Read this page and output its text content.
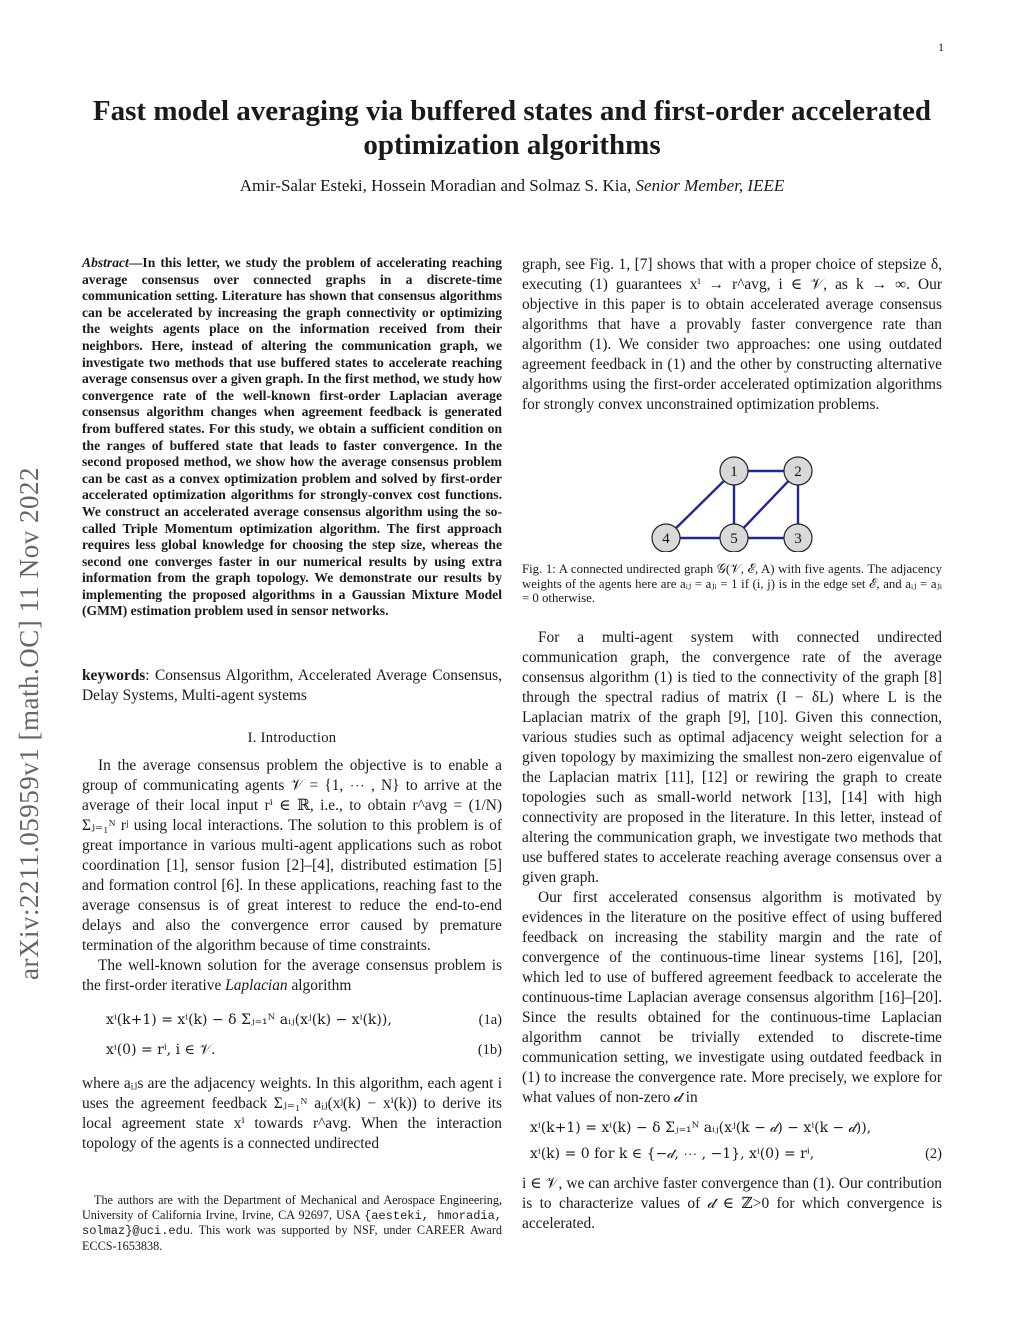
1
arXiv:2211.05959v1 [math.OC] 11 Nov 2022
Fast model averaging via buffered states and first-order accelerated optimization algorithms
Amir-Salar Esteki, Hossein Moradian and Solmaz S. Kia, Senior Member, IEEE

Abstract—In this letter, we study the problem of accelerating reaching average consensus over connected graphs in a discrete-time communication setting. Literature has shown that consensus algorithms can be accelerated by increasing the graph connectivity or optimizing the weights agents place on the information received from their neighbors. Here, instead of altering the communication graph, we investigate two methods that use buffered states to accelerate reaching average consensus over a given graph. In the first method, we study how convergence rate of the well-known first-order Laplacian average consensus algorithm changes when agreement feedback is generated from buffered states. For this study, we obtain a sufficient condition on the ranges of buffered state that leads to faster convergence. In the second proposed method, we show how the average consensus problem can be cast as a convex optimization problem and solved by first-order accelerated optimization algorithms for strongly-convex cost functions. We construct an accelerated average consensus algorithm using the so-called Triple Momentum optimization algorithm. The first approach requires less global knowledge for choosing the step size, whereas the second one converges faster in our numerical results by using extra information from the graph topology. We demonstrate our results by implementing the proposed algorithms in a Gaussian Mixture Model (GMM) estimation problem used in sensor networks.

keywords: Consensus Algorithm, Accelerated Average Consensus, Delay Systems, Multi-agent systems

I. Introduction

In the average consensus problem the objective is to enable a group of communicating agents 𝒱 = {1, ⋯ , N} to arrive at the average of their local input rⁱ ∈ ℝ, i.e., to obtain r^avg = (1/N) Σⱼ₌₁ᴺ rʲ using local interactions. The solution to this problem is of great importance in various multi-agent applications such as robot coordination [1], sensor fusion [2]–[4], distributed estimation [5] and formation control [6]. In these applications, reaching fast to the average consensus is of great interest to reduce the end-to-end delays and also the convergence error caused by premature termination of the algorithm because of time constraints.

The well-known solution for the average consensus problem is the first-order iterative Laplacian algorithm

xⁱ(k+1) = xⁱ(k) − δ Σⱼ₌₁ᴺ aᵢⱼ(xʲ(k) − xⁱ(k)),	(1a)
xⁱ(0) = rⁱ, i ∈ 𝒱.	(1b)

where aᵢⱼs are the adjacency weights. In this algorithm, each agent i uses the agreement feedback Σⱼ₌₁ᴺ aᵢⱼ(xʲ(k) − xⁱ(k)) to derive its local agreement state xⁱ towards r^avg. When the interaction topology of the agents is a connected undirected

The authors are with the Department of Mechanical and Aerospace Engineering, University of California Irvine, Irvine, CA 92697, USA {aesteki, hmoradia, solmaz}@uci.edu. This work was supported by NSF, under CAREER Award ECCS-1653838.

graph, see Fig. 1, [7] shows that with a proper choice of stepsize δ, executing (1) guarantees xⁱ → r^avg, i ∈ 𝒱, as k → ∞. Our objective in this paper is to obtain accelerated average consensus algorithms that have a provably faster convergence rate than algorithm (1). We consider two approaches: one using outdated agreement feedback in (1) and the other by constructing alternative algorithms using the first-order accelerated optimization algorithms for strongly convex unconstrained optimization problems.

1	2
4	5	3
Fig. 1: A connected undirected graph 𝒢(𝒱, ℰ, A) with five agents. The adjacency weights of the agents here are aᵢⱼ = aⱼᵢ = 1 if (i, j) is in the edge set ℰ, and aᵢⱼ = aⱼᵢ = 0 otherwise.

For a multi-agent system with connected undirected communication graph, the convergence rate of the average consensus algorithm (1) is tied to the connectivity of the graph [8] through the spectral radius of matrix (I − δL) where L is the Laplacian matrix of the graph [9], [10]. Given this connection, various studies such as optimal adjacency weight selection for a given topology by maximizing the smallest non-zero eigenvalue of the Laplacian matrix [11], [12] or rewiring the graph to create topologies such as small-world network [13], [14] with high connectivity are proposed in the literature. In this letter, instead of altering the communication graph, we investigate two methods that use buffered states to accelerate reaching average consensus over a given graph.

Our first accelerated consensus algorithm is motivated by evidences in the literature on the positive effect of using buffered feedback on increasing the stability margin and the rate of convergence of the continuous-time linear systems [16], [20], which led to use of buffered agreement feedback to accelerate the continuous-time Laplacian average consensus algorithm [16]–[20]. Since the results obtained for the continuous-time Laplacian algorithm cannot be trivially extended to discrete-time communication setting, we investigate using outdated feedback in (1) to increase the convergence rate. More precisely, we explore for what values of non-zero 𝒹 in

xⁱ(k+1) = xⁱ(k) − δ Σⱼ₌₁ᴺ aᵢⱼ(xʲ(k − 𝒹) − xⁱ(k − 𝒹)),
xⁱ(k) = 0 for k ∈ {−𝒹, ⋯ , −1}, xⁱ(0) = rⁱ,	(2)

i ∈ 𝒱, we can archive faster convergence than (1). Our contribution is to characterize values of 𝒹 ∈ ℤ>0 for which convergence is accelerated.
